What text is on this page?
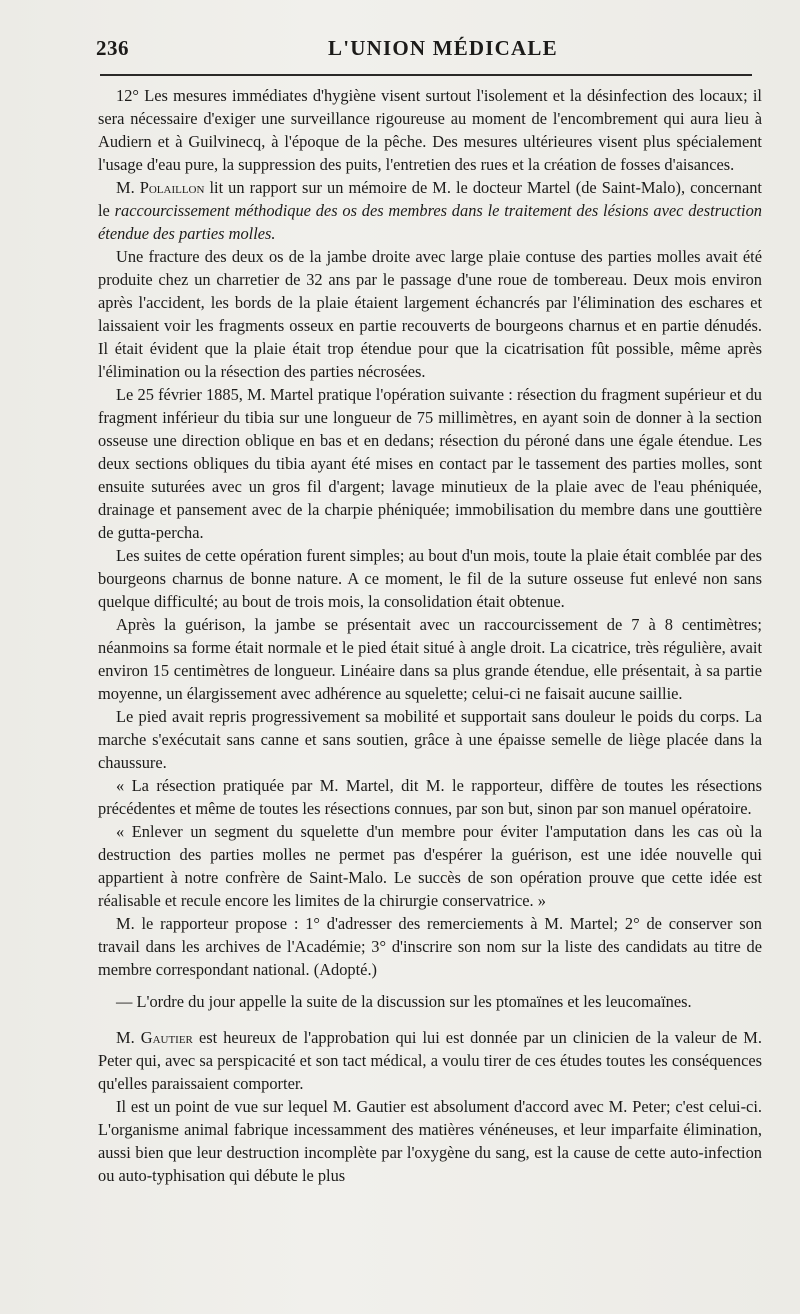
236	L'UNION MÉDICALE

12° Les mesures immédiates d'hygiène visent surtout l'isolement et la désinfection des locaux; il sera nécessaire d'exiger une surveillance rigoureuse au moment de l'encombrement qui aura lieu à Audiern et à Guilvinecq, à l'époque de la pêche. Des mesures ultérieures visent plus spécialement l'usage d'eau pure, la suppression des puits, l'entretien des rues et la création de fosses d'aisances.

M. Polaillon lit un rapport sur un mémoire de M. le docteur Martel (de Saint-Malo), concernant le raccourcissement méthodique des os des membres dans le traitement des lésions avec destruction étendue des parties molles.

Une fracture des deux os de la jambe droite avec large plaie contuse des parties molles avait été produite chez un charretier de 32 ans par le passage d'une roue de tombereau. Deux mois environ après l'accident, les bords de la plaie étaient largement échancrés par l'élimination des eschares et laissaient voir les fragments osseux en partie recouverts de bourgeons charnus et en partie dénudés. Il était évident que la plaie était trop étendue pour que la cicatrisation fût possible, même après l'élimination ou la résection des parties nécrosées.

Le 25 février 1885, M. Martel pratique l'opération suivante : résection du fragment supérieur et du fragment inférieur du tibia sur une longueur de 75 millimètres, en ayant soin de donner à la section osseuse une direction oblique en bas et en dedans; résection du péroné dans une égale étendue. Les deux sections obliques du tibia ayant été mises en contact par le tassement des parties molles, sont ensuite suturées avec un gros fil d'argent; lavage minutieux de la plaie avec de l'eau phéniquée, drainage et pansement avec de la charpie phéniquée; immobilisation du membre dans une gouttière de gutta-percha.

Les suites de cette opération furent simples; au bout d'un mois, toute la plaie était comblée par des bourgeons charnus de bonne nature. A ce moment, le fil de la suture osseuse fut enlevé non sans quelque difficulté; au bout de trois mois, la consolidation était obtenue.

Après la guérison, la jambe se présentait avec un raccourcissement de 7 à 8 centimètres; néanmoins sa forme était normale et le pied était situé à angle droit. La cicatrice, très régulière, avait environ 15 centimètres de longueur. Linéaire dans sa plus grande étendue, elle présentait, à sa partie moyenne, un élargissement avec adhérence au squelette; celui-ci ne faisait aucune saillie.

Le pied avait repris progressivement sa mobilité et supportait sans douleur le poids du corps. La marche s'exécutait sans canne et sans soutien, grâce à une épaisse semelle de liège placée dans la chaussure.

« La résection pratiquée par M. Martel, dit M. le rapporteur, diffère de toutes les résections précédentes et même de toutes les résections connues, par son but, sinon par son manuel opératoire.

« Enlever un segment du squelette d'un membre pour éviter l'amputation dans les cas où la destruction des parties molles ne permet pas d'espérer la guérison, est une idée nouvelle qui appartient à notre confrère de Saint-Malo. Le succès de son opération prouve que cette idée est réalisable et recule encore les limites de la chirurgie conservatrice. »

M. le rapporteur propose : 1° d'adresser des remerciements à M. Martel; 2° de conserver son travail dans les archives de l'Académie; 3° d'inscrire son nom sur la liste des candidats au titre de membre correspondant national. (Adopté.)

— L'ordre du jour appelle la suite de la discussion sur les ptomaïnes et les leucomaïnes.

M. Gautier est heureux de l'approbation qui lui est donnée par un clinicien de la valeur de M. Peter qui, avec sa perspicacité et son tact médical, a voulu tirer de ces études toutes les conséquences qu'elles paraissaient comporter.

Il est un point de vue sur lequel M. Gautier est absolument d'accord avec M. Peter; c'est celui-ci. L'organisme animal fabrique incessamment des matières vénéneuses, et leur imparfaite élimination, aussi bien que leur destruction incomplète par l'oxygène du sang, est la cause de cette auto-infection ou auto-typhisation qui débute le plus
